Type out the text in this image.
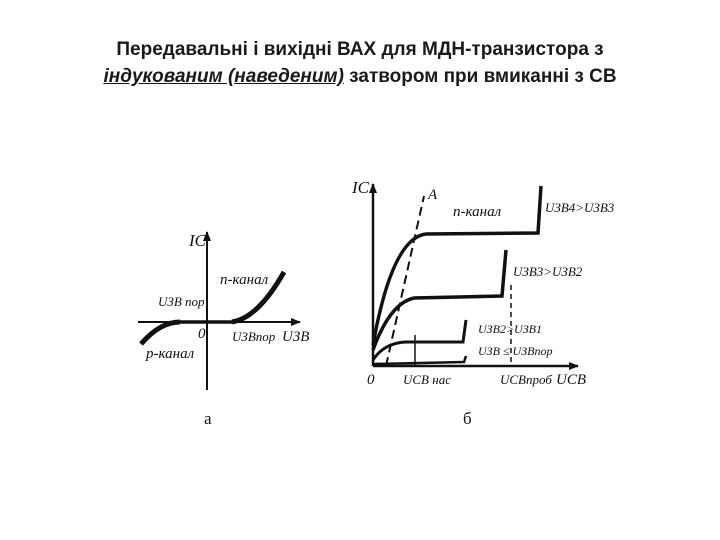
Передавальні і вихідні ВАХ для МДН-транзистора з
індукованим (наведеним) затвором при вмиканні з СВ
IC
n-канал
UЗВ пор
0 UЗВпор UЗВ
p-канал
а
IC	A
n-канал	UЗВ4>UЗВ3
UЗВ3>UЗВ2
UЗВ2>UЗВ1
UЗВ ≤ UЗВпор
0 UСВ нас	UСВпроб UСВ
б
